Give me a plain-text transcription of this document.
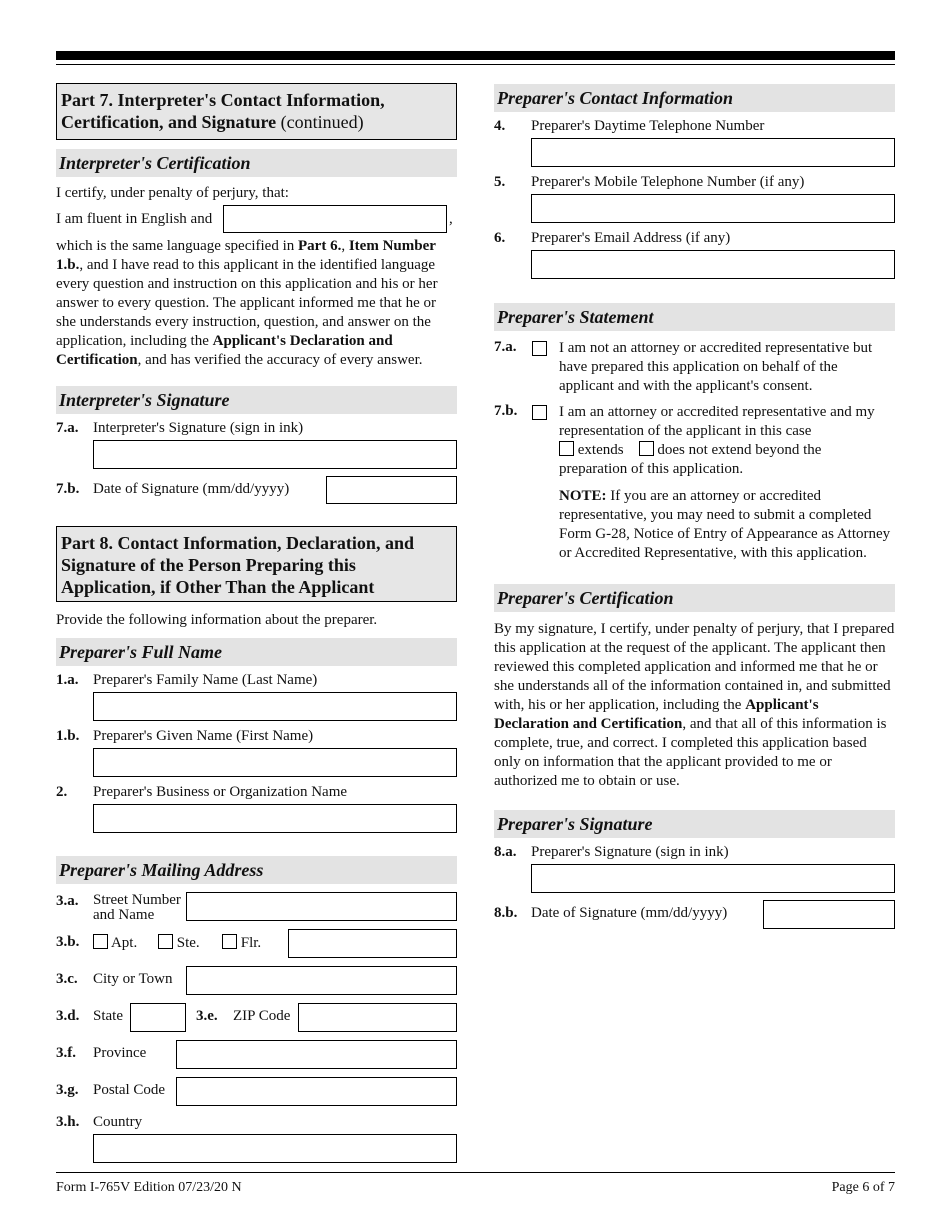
Part 7. Interpreter's Contact Information, Certification, and Signature (continued)
Interpreter's Certification
I certify, under penalty of perjury, that:
I am fluent in English and	,
which is the same language specified in Part 6., Item Number 1.b., and I have read to this applicant in the identified language every question and instruction on this application and his or her answer to every question. The applicant informed me that he or she understands every instruction, question, and answer on the application, including the Applicant's Declaration and Certification, and has verified the accuracy of every answer.
Interpreter's Signature
7.a. Interpreter's Signature (sign in ink)
7.b. Date of Signature (mm/dd/yyyy)
Part 8. Contact Information, Declaration, and Signature of the Person Preparing this Application, if Other Than the Applicant
Provide the following information about the preparer.
Preparer's Full Name
1.a. Preparer's Family Name (Last Name)
1.b. Preparer's Given Name (First Name)
2. Preparer's Business or Organization Name
Preparer's Mailing Address
3.a. Street Number
and Name
3.b.	Apt.	Ste.	Flr.
3.c. City or Town
3.d. State	3.e. ZIP Code
3.f. Province
3.g. Postal Code
3.h. Country
Preparer's Contact Information
4. Preparer's Daytime Telephone Number
5. Preparer's Mobile Telephone Number (if any)
6. Preparer's Email Address (if any)
Preparer's Statement
7.a.	I am not an attorney or accredited representative but have prepared this application on behalf of the applicant and with the applicant's consent.
7.b.	I am an attorney or accredited representative and my representation of the applicant in this case
extends does not extend beyond the
preparation of this application.
NOTE: If you are an attorney or accredited representative, you may need to submit a completed Form G-28, Notice of Entry of Appearance as Attorney or Accredited Representative, with this application.
Preparer's Certification
By my signature, I certify, under penalty of perjury, that I prepared this application at the request of the applicant. The applicant then reviewed this completed application and informed me that he or she understands all of the information contained in, and submitted with, his or her application, including the Applicant's Declaration and Certification, and that all of this information is complete, true, and correct. I completed this application based only on information that the applicant provided to me or authorized me to obtain or use.
Preparer's Signature
8.a. Preparer's Signature (sign in ink)
8.b. Date of Signature (mm/dd/yyyy)
Form I-765V Edition 07/23/20 N	Page 6 of 7
